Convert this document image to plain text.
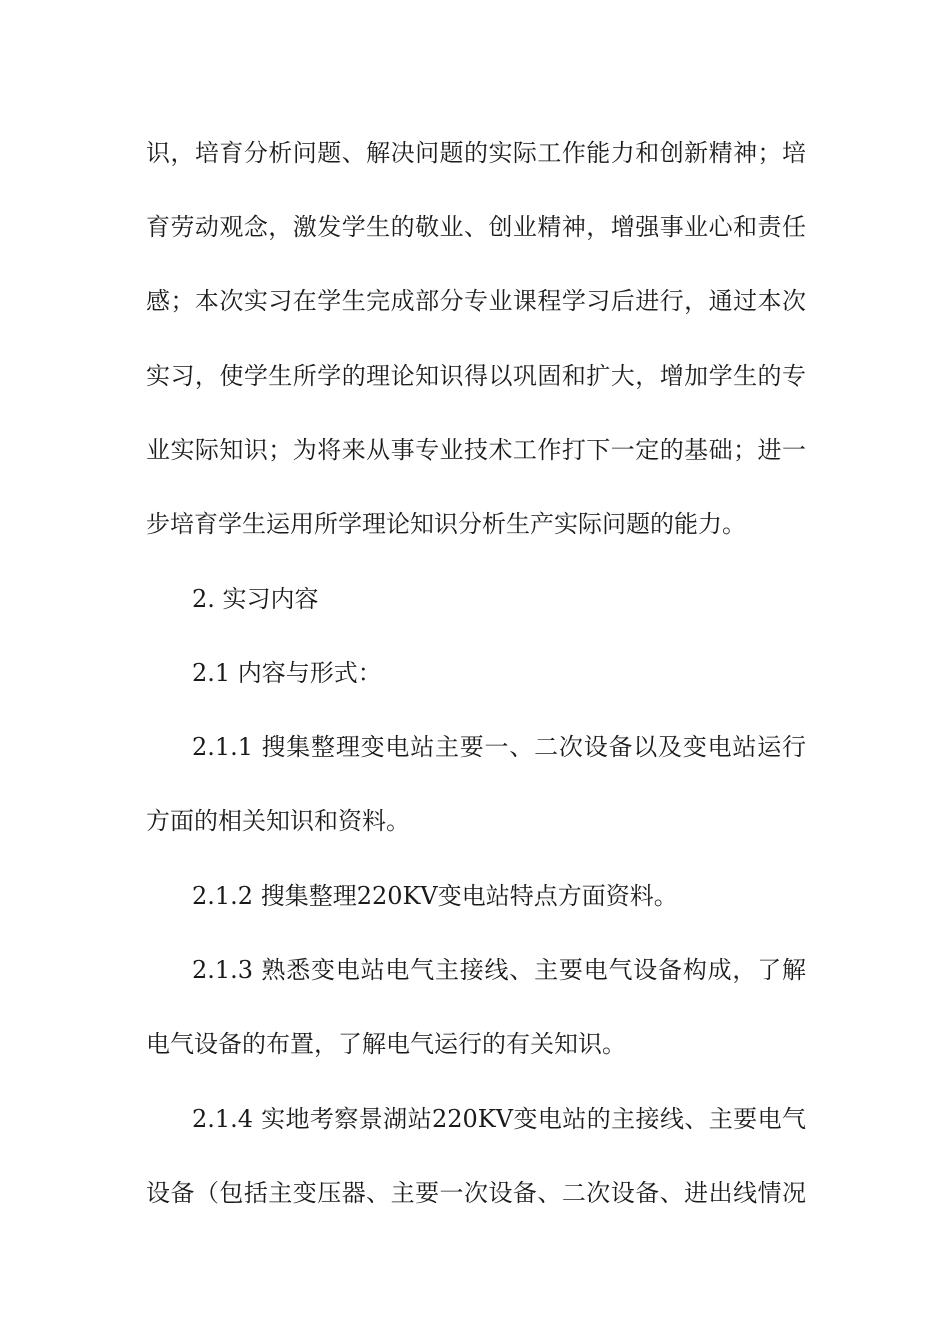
识，培育分析问题、解决问题的实际工作能力和创新精神；培
育劳动观念，激发学生的敬业、创业精神，增强事业心和责任
感；本次实习在学生完成部分专业课程学习后进行，通过本次
实习，使学生所学的理论知识得以巩固和扩大，增加学生的专
业实际知识；为将来从事专业技术工作打下一定的基础；进一
步培育学生运用所学理论知识分析生产实际问题的能力。
2. 实习内容
2.1 内容与形式：
2.1.1 搜集整理变电站主要一、二次设备以及变电站运行
方面的相关知识和资料。
2.1.2 搜集整理220KV变电站特点方面资料。
2.1.3 熟悉变电站电气主接线、主要电气设备构成，了解
电气设备的布置，了解电气运行的有关知识。
2.1.4 实地考察景湖站220KV变电站的主接线、主要电气
设备（包括主变压器、主要一次设备、二次设备、进出线情况
